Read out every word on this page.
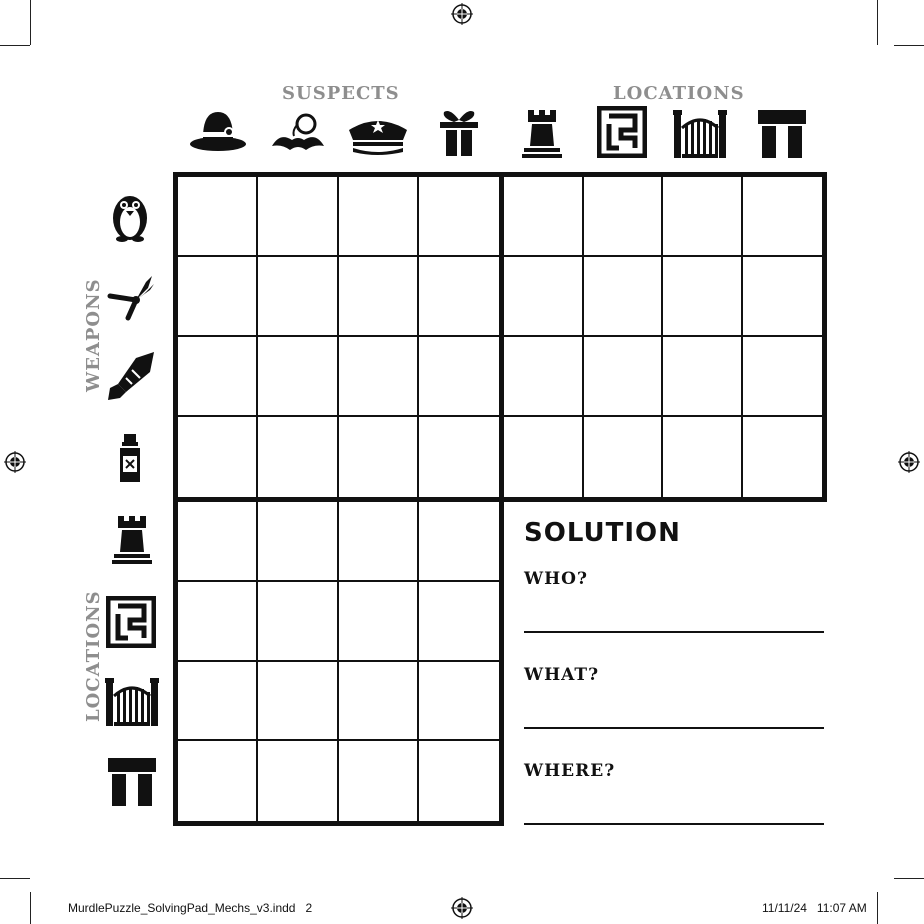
SUSPECTS	LOCATIONS
WEAPONS
LOCATIONS
SOLUTION
WHO?
WHAT?
WHERE?
MurdlePuzzle_SolvingPad_Mechs_v3.indd   2	11/11/24   11:07 AM
